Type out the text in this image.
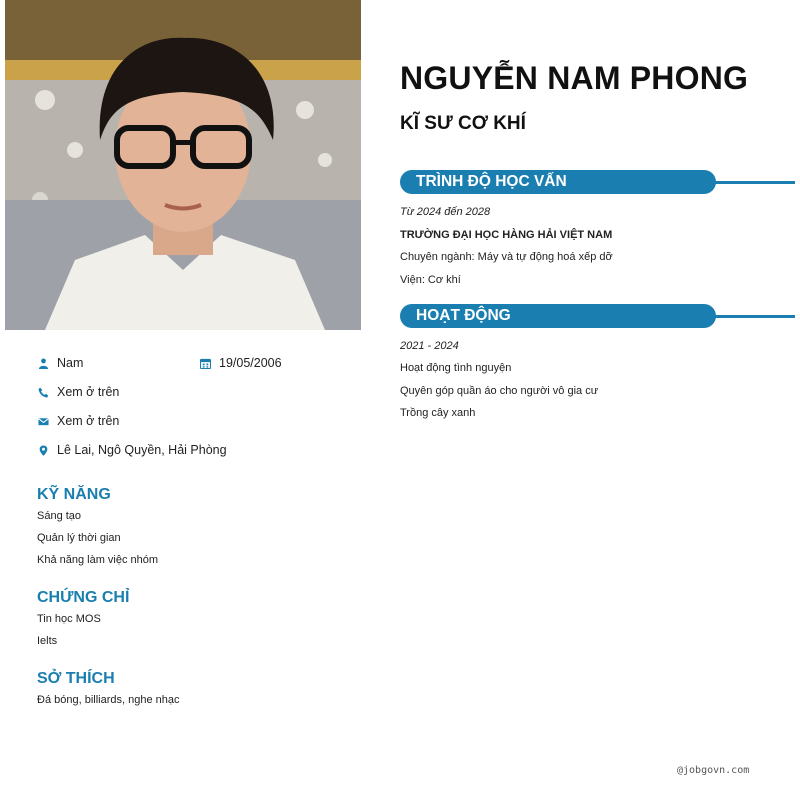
Nam	19/05/2006
Xem ở trên
Xem ở trên
Lê Lai, Ngô Quyền, Hải Phòng
KỸ NĂNG
Sáng tạo
Quản lý thời gian
Khả năng làm việc nhóm
CHỨNG CHỈ
Tin học MOS
Ielts
SỞ THÍCH
Đá bóng, billiards, nghe nhạc
NGUYỄN NAM PHONG
KĨ SƯ CƠ KHÍ
TRÌNH ĐỘ HỌC VẤN
Từ 2024 đến 2028
TRƯỜNG ĐẠI HỌC HÀNG HẢI VIỆT NAM
Chuyên ngành: Máy và tự động hoá xếp dỡ
Viện: Cơ khí
HOẠT ĐỘNG
2021 - 2024
Hoạt động tình nguyện
Quyên góp quần áo cho người vô gia cư
Trồng cây xanh
@jobgovn.com
